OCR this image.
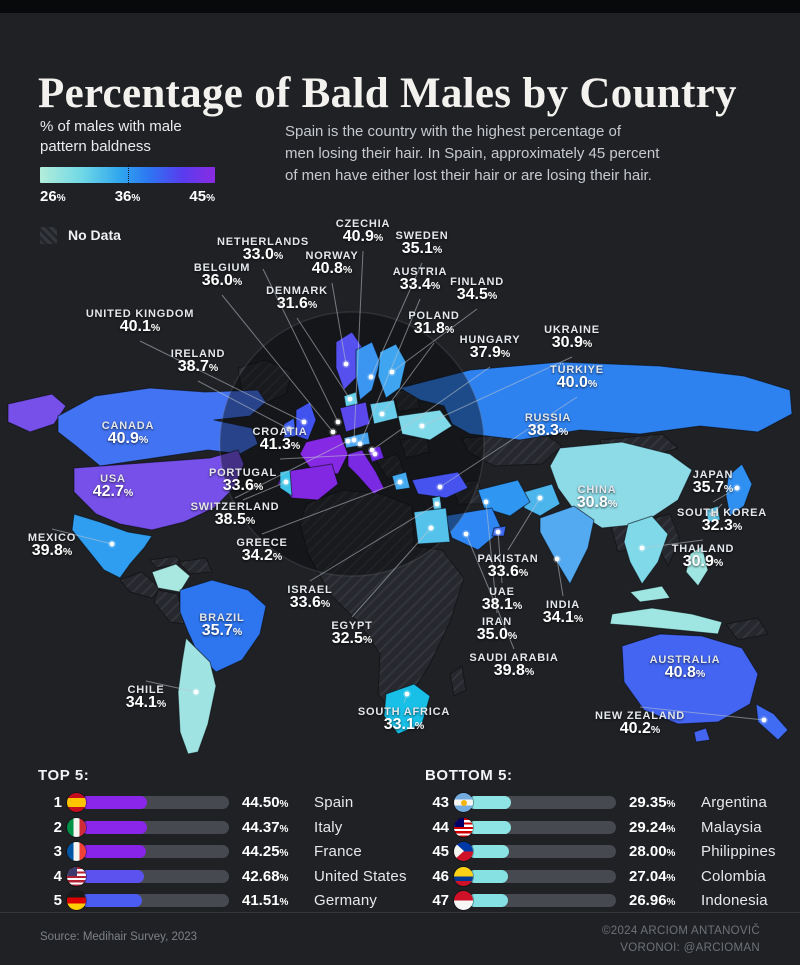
Percentage of Bald Males by Country
% of males with male
pattern baldness
26%	36%	45%
No Data
Spain is the country with the highest percentage of
men losing their hair. In Spain, approximately 45 percent
of men have either lost their hair or are losing their hair.
CZECHIA
40.9%	SWEDEN
35.1%
NETHERLANDS
33.0%	NORWAY
40.8%
BELGIUM
36.0%
DENMARK
31.6%
AUSTRIA
33.4% FINLAND
34.5%
POLAND
31.8%
HUNGARY
37.9%
UKRAINE
30.9%
TÜRKIYE
40.0%
UNITED KINGDOM
40.1%
IRELAND
38.7%
CANADA
40.9%
USA
42.7%
MEXICO
39.8%
CROATIA
41.3%
PORTUGAL
33.6%
SWITZERLAND
38.5%
GREECE
34.2%
RUSSIA
38.3%
CHINA
30.8%
JAPAN
35.7%
SOUTH KOREA
32.3%
THAILAND
30.9%
PAKISTAN
33.6%
UAE
38.1% INDIA
34.1%
IRAN
35.0%
SAUDI ARABIA
39.8%
ISRAEL
33.6%
EGYPT
32.5%
BRAZIL
35.7%
CHILE
34.1%
SOUTH AFRICA
33.1%
AUSTRALIA
40.8%
NEW ZEALAND
40.2%
TOP 5:
1	44.50%	Spain
2	44.37%	Italy
3	44.25%	France
4	42.68%	United States
5	41.51%	Germany
BOTTOM 5:
43	29.35%	Argentina
44	29.24%	Malaysia
45	28.00%	Philippines
46	27.04%	Colombia
47	26.96%	Indonesia
Source: Medihair Survey, 2023	©2024 ARCIOM ANTANOVIČ
VORONOI: @ARCIOMAN
